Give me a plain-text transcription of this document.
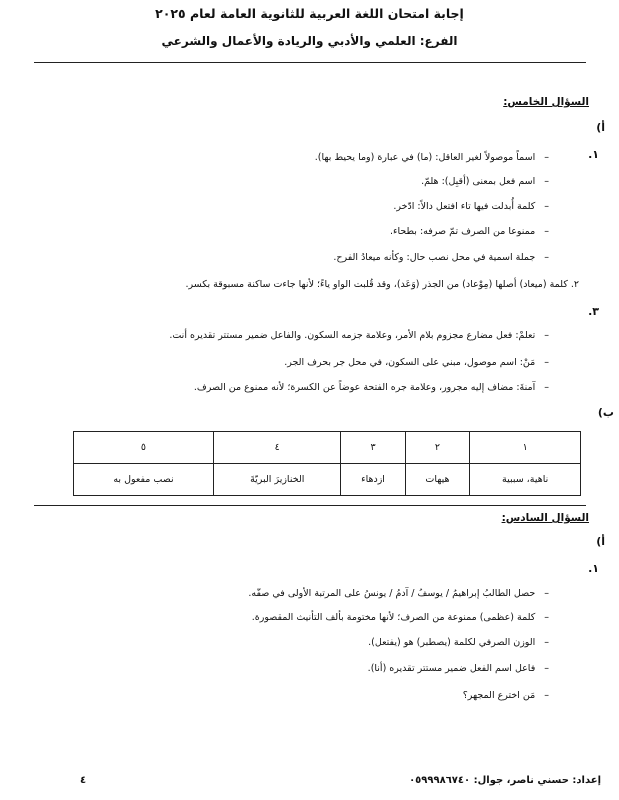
إجابة امتحان اللغة العربية للثانوية العامة لعام ٢٠٢٥
الفرع: العلمي والأدبي والريادة والأعمال والشرعي
السؤال الخامس:
أ)
١.
– اسماً موصولاً لغير العاقل: (ما) في عبارة (وما يحيط بها).
– اسم فعل بمعنى (أقبِل): هلمّ.
– كلمة أُبدلت فيها تاء افتعل دالاً: ادّخر.
– ممنوعا من الصرف تمّ صرفه: بطحاء.
– جملة اسمية في محل نصب حال: وكأنه ميعادُ الفرح.
٢. كلمة (ميعاد) أصلها (مِوْعاد) من الجذر (وَعَد)، وقد قُلبت الواو ياءً؛ لأنها جاءت ساكنة مسبوقة بكسر.
٣.
– تعلمْ: فعل مضارع مجزوم بلام الأمر، وعلامة جزمه السكون. والفاعل ضمير مستتر تقديره أنت.
– مَنْ: اسم موصول، مبني على السكون، في محل جر بحرف الجر.
– آمنةَ: مضاف إليه مجرور، وعلامة جره الفتحة عوضاً عن الكسرة؛ لأنه ممنوع من الصرف.
ب)
١	٢	٣	٤	٥
ناهية، سببية	هيهات	ازدهاء	الخنازيرَ البريّةَ	نصب مفعول به
السؤال السادس:
أ)
١.
– حصل الطالبُ إبراهيمُ / يوسفُ / آدمُ / يونسُ على المرتبة الأولى في صفّه.
– كلمة (عظمى) ممنوعة من الصرف؛ لأنها مختومة بألف التأنيث المقصورة.
– الوزن الصرفي لكلمة (يصطبر) هو (يفتعل).
– فاعل اسم الفعل ضمير مستتر تقديره (أنا).
– مَن اخترع المجهر؟
إعداد: حسني ناصر، جوال: ٠٥٩٩٩٨٦٧٤٠
٤
